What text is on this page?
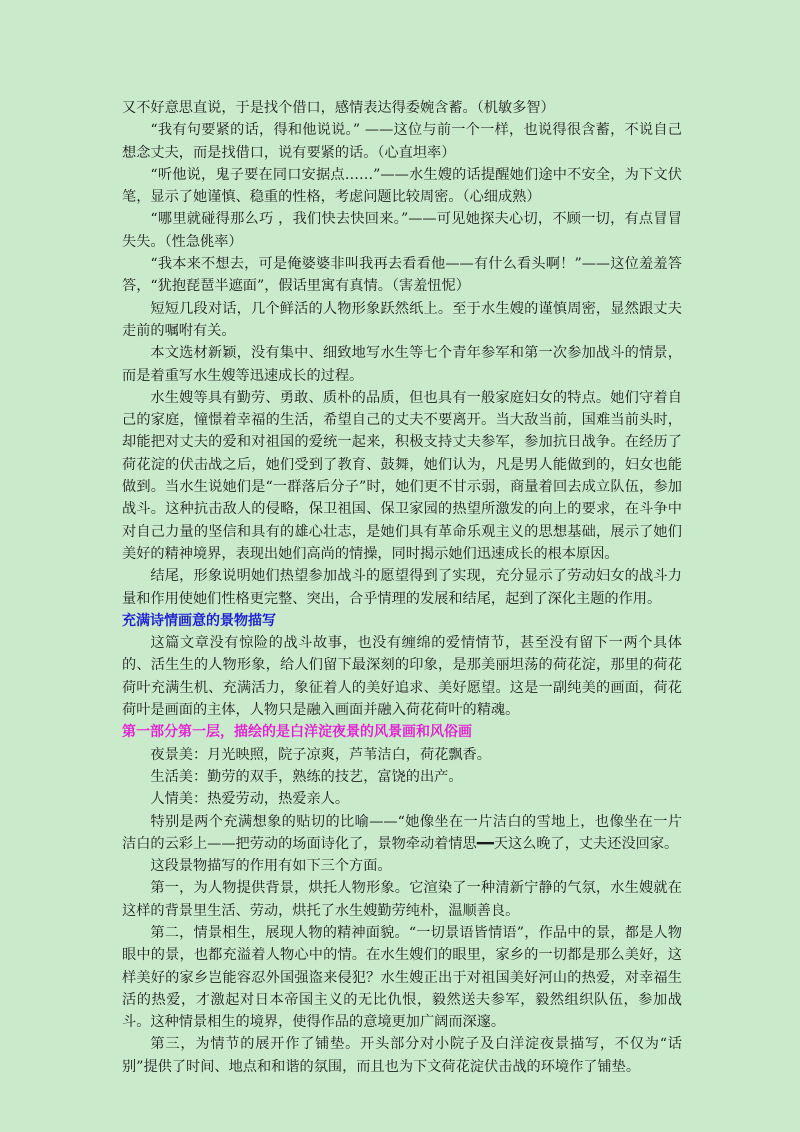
又不好意思直说，于是找个借口，感情表达得委婉含蓄。（机敏多智）

“我有句要紧的话，得和他说说。” ——这位与前一个一样，也说得很含蓄，不说自己想念丈夫，而是找借口，说有要紧的话。（心直坦率）

“听他说，鬼子要在同口安据点……”——水生嫂的话提醒她们途中不安全，为下文伏笔，显示了她谨慎、稳重的性格，考虑问题比较周密。（心细成熟）

“哪里就碰得那么巧 ，我们快去快回来。”——可见她探夫心切，不顾一切，有点冒冒失失。（性急佻率）

“我本来不想去，可是俺婆婆非叫我再去看看他——有什么看头啊！”——这位羞羞答答，“犹抱琵琶半遮面”，假话里寓有真情。（害羞忸怩）

短短几段对话，几个鲜活的人物形象跃然纸上。至于水生嫂的谨慎周密，显然跟丈夫走前的嘱咐有关。

本文选材新颖，没有集中、细致地写水生等七个青年参军和第一次参加战斗的情景，而是着重写水生嫂等迅速成长的过程。

水生嫂等具有勤劳、勇敢、质朴的品质，但也具有一般家庭妇女的特点。她们守着自己的家庭，憧憬着幸福的生活，希望自己的丈夫不要离开。当大敌当前，国难当前头时，却能把对丈夫的爱和对祖国的爱统一起来，积极支持丈夫参军，参加抗日战争。在经历了荷花淀的伏击战之后，她们受到了教育、鼓舞，她们认为，凡是男人能做到的，妇女也能做到。当水生说她们是“一群落后分子”时，她们更不甘示弱，商量着回去成立队伍，参加战斗。这种抗击敌人的侵略，保卫祖国、保卫家园的热望所激发的向上的要求，在斗争中对自己力量的坚信和具有的雄心壮志，是她们具有革命乐观主义的思想基础，展示了她们美好的精神境界，表现出她们高尚的情操，同时揭示她们迅速成长的根本原因。

结尾，形象说明她们热望参加战斗的愿望得到了实现，充分显示了劳动妇女的战斗力量和作用使她们性格更完整、突出，合乎情理的发展和结尾，起到了深化主题的作用。

充满诗情画意的景物描写

这篇文章没有惊险的战斗故事，也没有缠绵的爱情情节，甚至没有留下一两个具体的、活生生的人物形象，给人们留下最深刻的印象，是那美丽坦荡的荷花淀，那里的荷花荷叶充满生机、充满活力，象征着人的美好追求、美好愿望。这是一副纯美的画面，荷花荷叶是画面的主体，人物只是融入画面并融入荷花荷叶的精魂。

第一部分第一层，描绘的是白洋淀夜景的风景画和风俗画

夜景美：月光映照，院子凉爽，芦苇洁白，荷花飘香。

生活美：勤劳的双手，熟练的技艺，富饶的出产。

人情美：热爱劳动，热爱亲人。

特别是两个充满想象的贴切的比喻——“她像坐在一片洁白的雪地上，也像坐在一片洁白的云彩上——把劳动的场面诗化了，景物牵动着情思━━天这么晚了，丈夫还没回家。

这段景物描写的作用有如下三个方面。

第一，为人物提供背景，烘托人物形象。它渲染了一种清新宁静的气氛，水生嫂就在这样的背景里生活、劳动，烘托了水生嫂勤劳纯朴，温顺善良。

第二，情景相生，展现人物的精神面貌。“一切景语皆情语”，作品中的景，都是人物眼中的景，也都充溢着人物心中的情。在水生嫂们的眼里，家乡的一切都是那么美好，这样美好的家乡岂能容忍外国强盗来侵犯？水生嫂正出于对祖国美好河山的热爱，对幸福生活的热爱，才激起对日本帝国主义的无比仇恨，毅然送夫参军，毅然组织队伍，参加战斗。这种情景相生的境界，使得作品的意境更加广阔而深邃。

第三，为情节的展开作了铺垫。开头部分对小院子及白洋淀夜景描写，不仅为“话别”提供了时间、地点和和谐的氛围，而且也为下文荷花淀伏击战的环境作了铺垫。
